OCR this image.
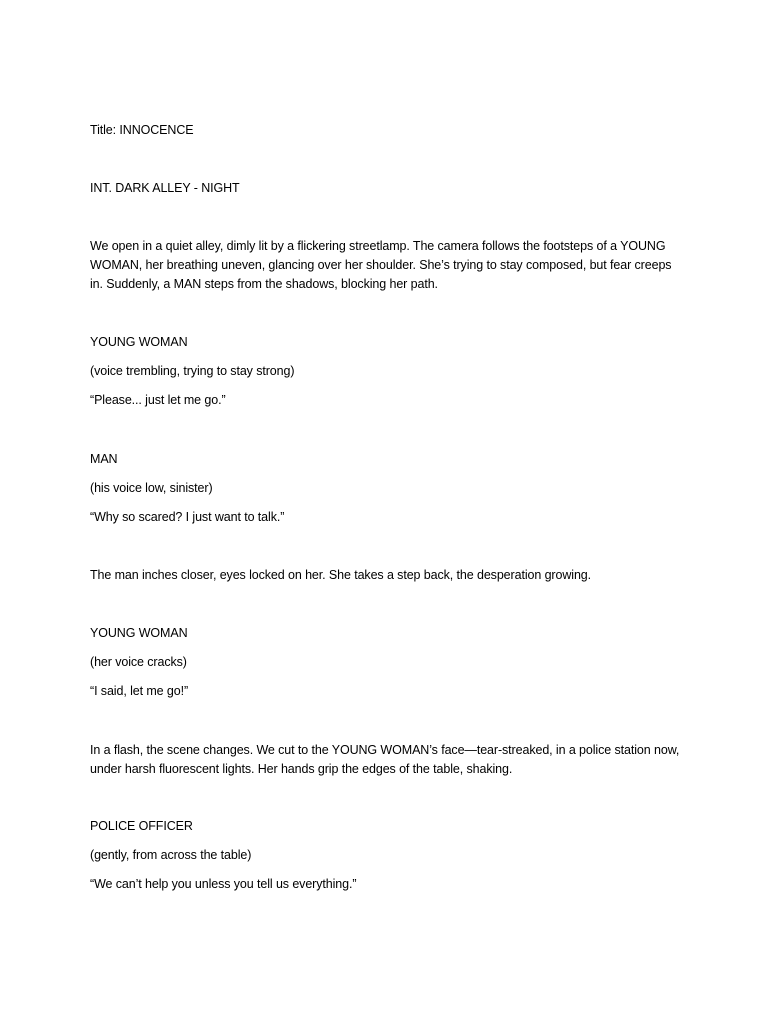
Title: INNOCENCE

INT. DARK ALLEY - NIGHT

We open in a quiet alley, dimly lit by a flickering streetlamp. The camera follows the footsteps of a YOUNG WOMAN, her breathing uneven, glancing over her shoulder. She’s trying to stay composed, but fear creeps in. Suddenly, a MAN steps from the shadows, blocking her path.

YOUNG WOMAN

(voice trembling, trying to stay strong)

“Please... just let me go.”

MAN

(his voice low, sinister)

“Why so scared? I just want to talk.”

The man inches closer, eyes locked on her. She takes a step back, the desperation growing.

YOUNG WOMAN

(her voice cracks)

“I said, let me go!”

In a flash, the scene changes. We cut to the YOUNG WOMAN’s face—tear-streaked, in a police station now, under harsh fluorescent lights. Her hands grip the edges of the table, shaking.

POLICE OFFICER

(gently, from across the table)

“We can’t help you unless you tell us everything.”
